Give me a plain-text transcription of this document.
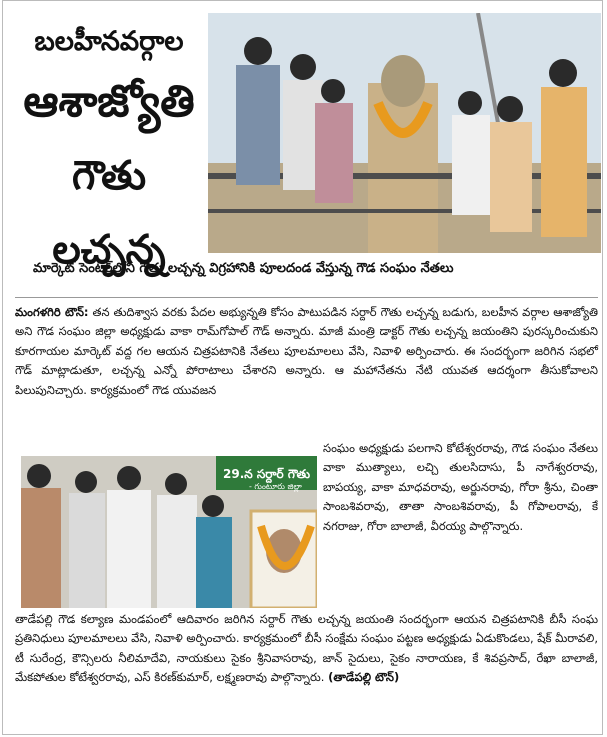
బలహీనవర్గాల
ఆశాజ్యోతి
గౌతు లచ్చన్న
మార్కెట్ సెంటర్‌లోని గౌతు లచ్చన్న విగ్రహానికి పూలదండ వేస్తున్న గౌడ సంఘం నేతలు
మంగళగిరి టౌన్: తన తుదిశ్వాస వరకు పేదల అభ్యున్నతి కోసం పాటుపడిన సర్దార్ గౌతు లచ్చన్న బడుగు, బలహీన వర్గాల ఆశాజ్యోతి అని గౌడ సంఘం జిల్లా అధ్యక్షుడు వాకా రామ్‌గోపాల్ గౌడ్ అన్నారు. మాజీ మంత్రి డాక్టర్ గౌతు లచ్చన్న జయంతిని పురస్కరించుకుని కూరగాయల మార్కెట్ వద్ద గల ఆయన చిత్రపటానికి నేతలు పూలమాలలు వేసి, నివాళి అర్పించారు. ఈ సందర్భంగా జరిగిన సభలో గౌడ్ మాట్లాడుతూ, లచ్చన్న ఎన్నో పోరాటాలు చేశారని అన్నారు. ఆ మహానేతను నేటి యువత ఆదర్శంగా తీసుకోవాలని పిలుపునిచ్చారు. కార్యక్రమంలో గౌడ యువజన
29.న సర్దార్ గౌతు
- గుంటూరు జిల్లా
సంఘం అధ్యక్షుడు పలగాని కోటేశ్వరరావు, గౌడ సంఘం నేతలు వాకా ముత్యాలు, లచ్చి తులసిదాసు, పీ నాగేశ్వరరావు, బాపయ్య, వాకా మాధవరావు, అర్జునరావు, గోరా శ్రీను, చింతా సాంబశివరావు, తాతా సాంబశివరావు, పీ గోపాలరావు, కే నగరాజు, గోరా బాలాజీ, వీరయ్య పాల్గొన్నారు.
తాడేపల్లి గౌడ కల్యాణ మండపంలో ఆదివారం జరిగిన సర్దార్ గౌతు లచ్చన్న జయంతి సందర్భంగా ఆయన చిత్రపటానికి బీసీ సంఘ ప్రతినిధులు పూలమాలలు వేసి, నివాళి అర్పించారు. కార్యక్రమంలో బీసీ సంక్షేమ సంఘం పట్టణ అధ్యక్షుడు ఏడుకొండలు, షేక్ మీరావలి, టీ సురేంద్ర, కౌన్సిలరు నీలిమాదేవి, నాయకులు సైకం శ్రీనివాసరావు, జాన్ సైదులు, సైకం నారాయణ, కే శివప్రసాద్, రేఖా బాలాజీ, మేకపోతుల కోటేశ్వరరావు, ఎస్ కిరణ్‌కుమార్, లక్ష్మణరావు పాల్గొన్నారు. (తాడేపల్లి టౌన్)
